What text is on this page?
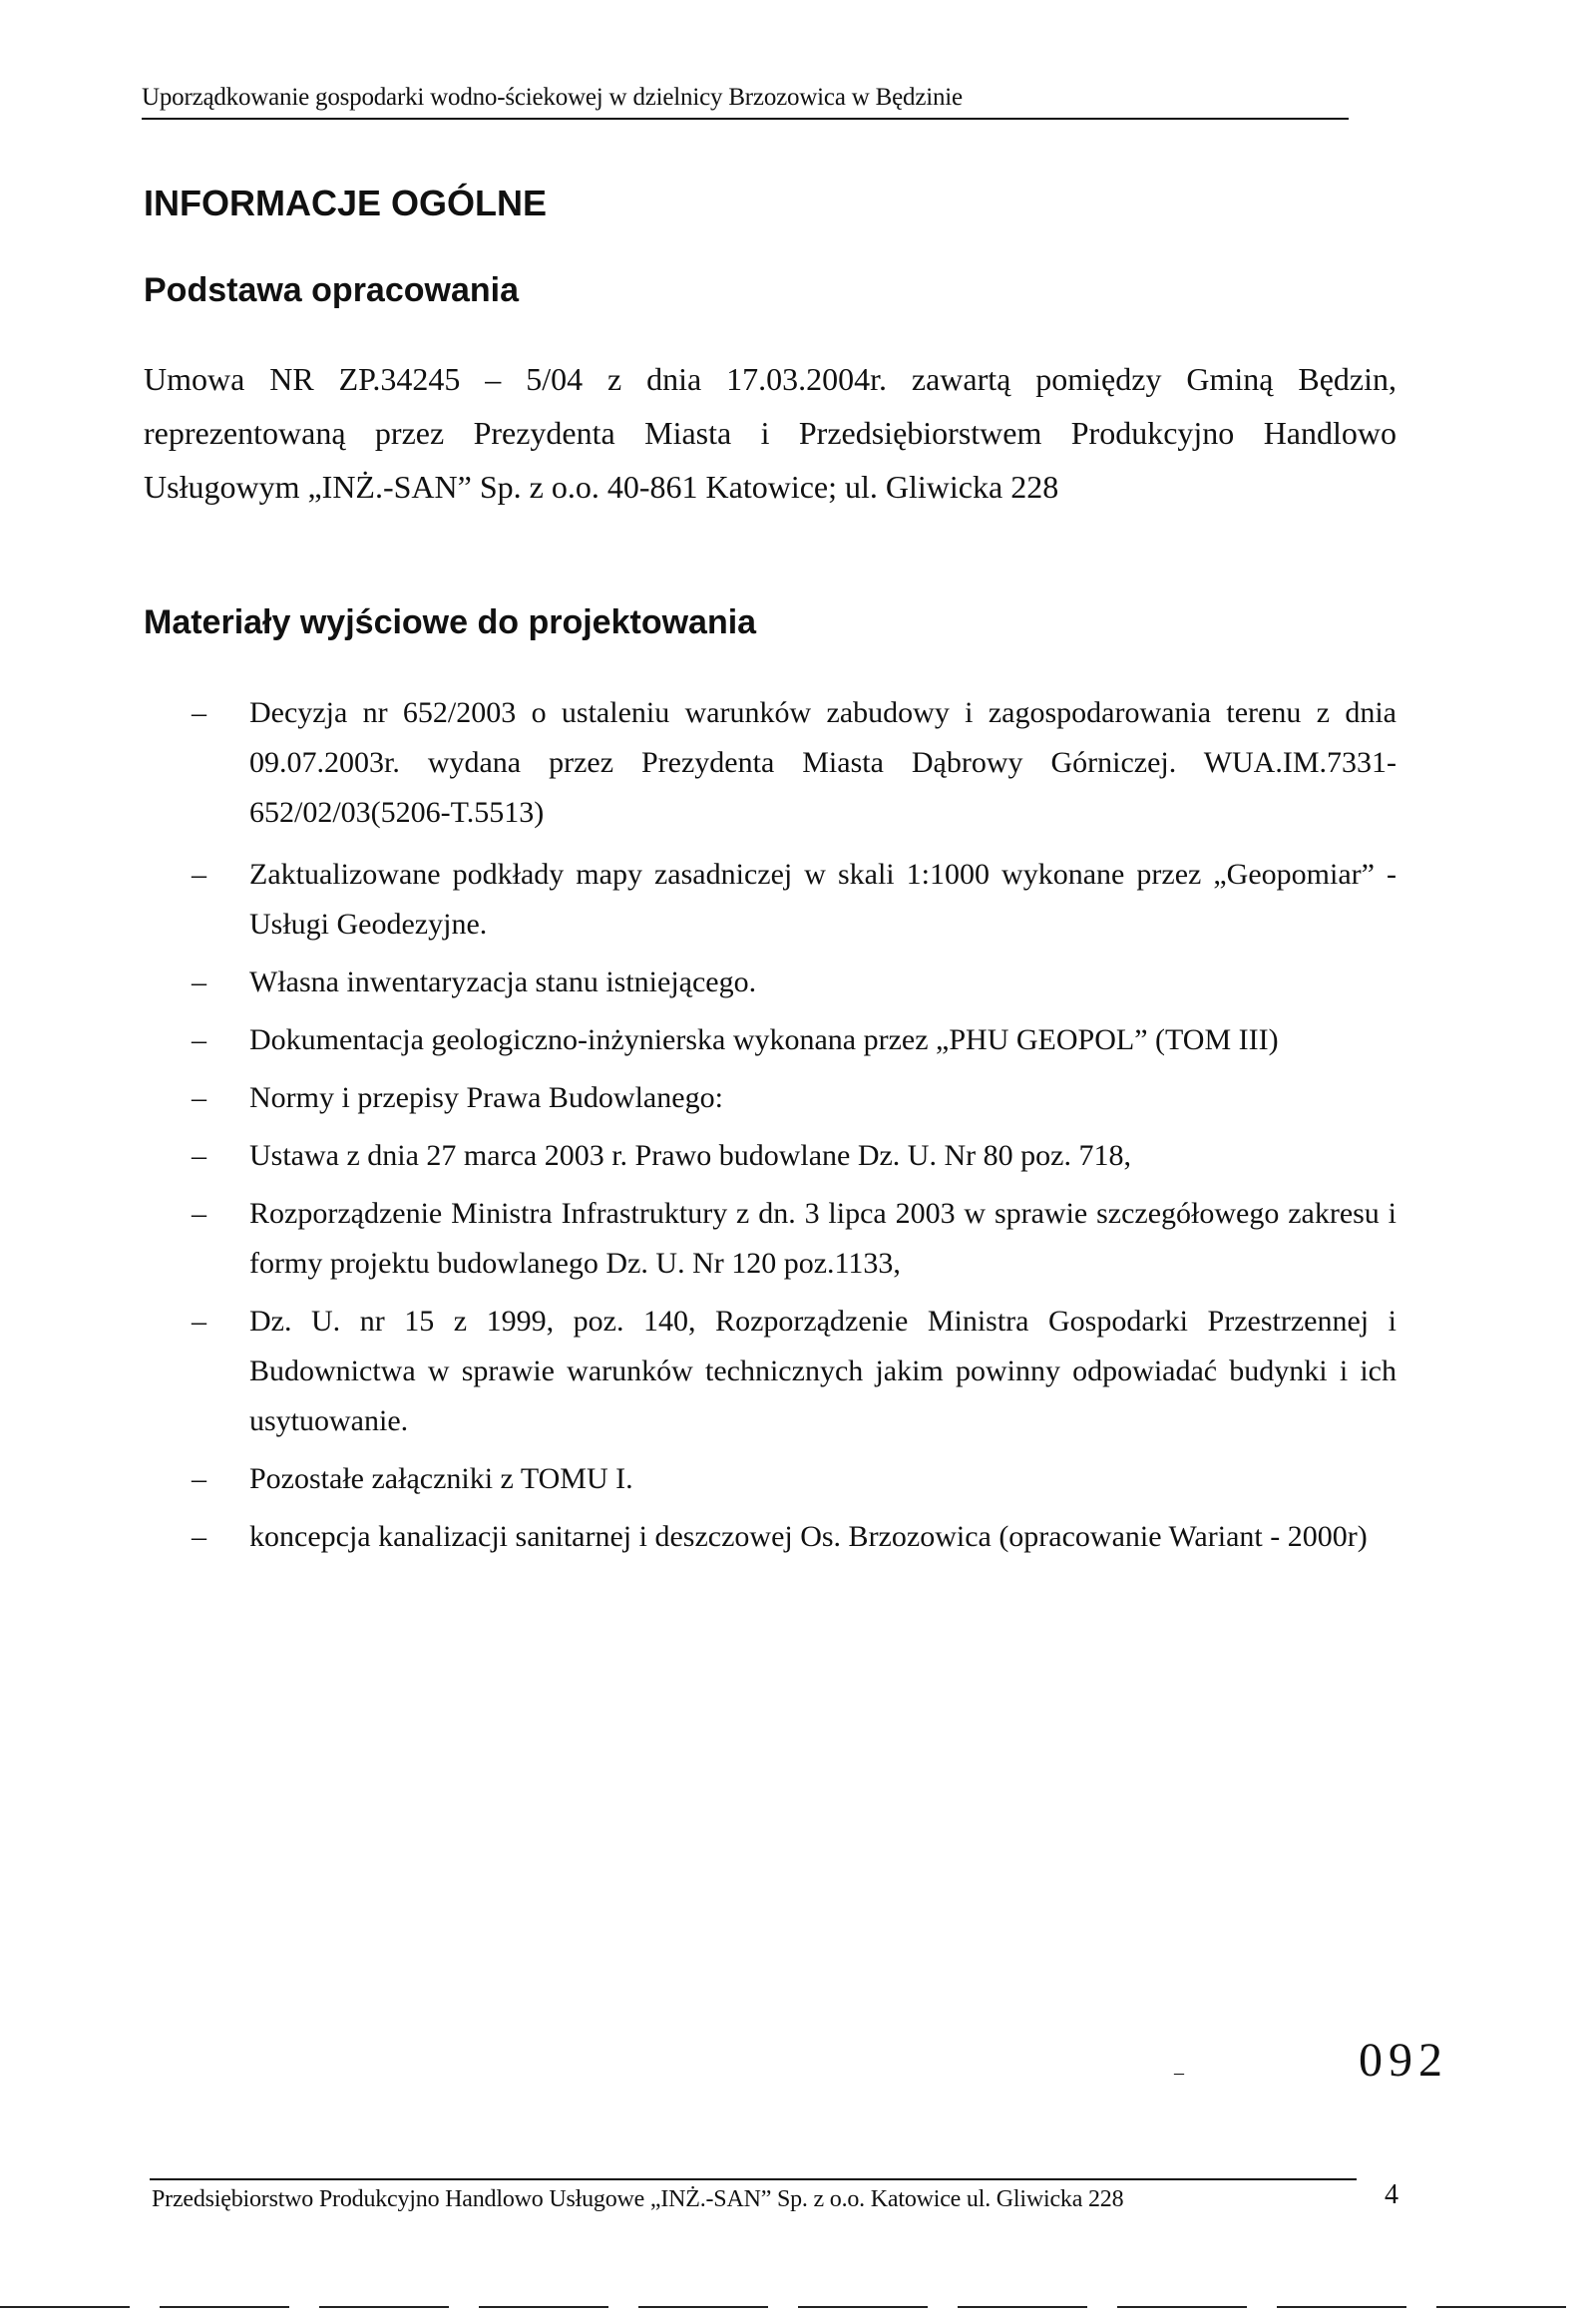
Uporządkowanie gospodarki wodno-ściekowej w dzielnicy Brzozowica w Będzinie
INFORMACJE OGÓLNE
Podstawa opracowania

Umowa NR ZP.34245 – 5/04 z dnia 17.03.2004r. zawartą pomiędzy Gminą Będzin, reprezentowaną przez Prezydenta Miasta i Przedsiębiorstwem Produkcyjno Handlowo Usługowym „INŻ.-SAN” Sp. z o.o. 40-861 Katowice; ul. Gliwicka 228

Materiały wyjściowe do projektowania
–	Decyzja nr 652/2003 o ustaleniu warunków zabudowy i zagospodarowania terenu z dnia 09.07.2003r. wydana przez Prezydenta Miasta Dąbrowy Górniczej. WUA.IM.7331-652/02/03(5206-T.5513)
–	Zaktualizowane podkłady mapy zasadniczej w skali 1:1000 wykonane przez „Geopomiar” - Usługi Geodezyjne.
–	Własna inwentaryzacja stanu istniejącego.
–	Dokumentacja geologiczno-inżynierska wykonana przez „PHU GEOPOL” (TOM III)
–	Normy i przepisy Prawa Budowlanego:
–	Ustawa z dnia 27 marca 2003 r. Prawo budowlane Dz. U. Nr 80 poz. 718,
–	Rozporządzenie Ministra Infrastruktury z dn. 3 lipca 2003 w sprawie szczegółowego zakresu i formy projektu budowlanego Dz. U. Nr 120 poz.1133,
–	Dz. U. nr 15 z 1999, poz. 140, Rozporządzenie Ministra Gospodarki Przestrzennej i Budownictwa w sprawie warunków technicznych jakim powinny odpowiadać budynki i ich usytuowanie.
–	Pozostałe załączniki z TOMU I.
–	koncepcja kanalizacji sanitarnej i deszczowej Os. Brzozowica (opracowanie Wariant - 2000r)
–	092
Przedsiębiorstwo Produkcyjno Handlowo Usługowe „INŻ.-SAN” Sp. z o.o. Katowice ul. Gliwicka 228	4
